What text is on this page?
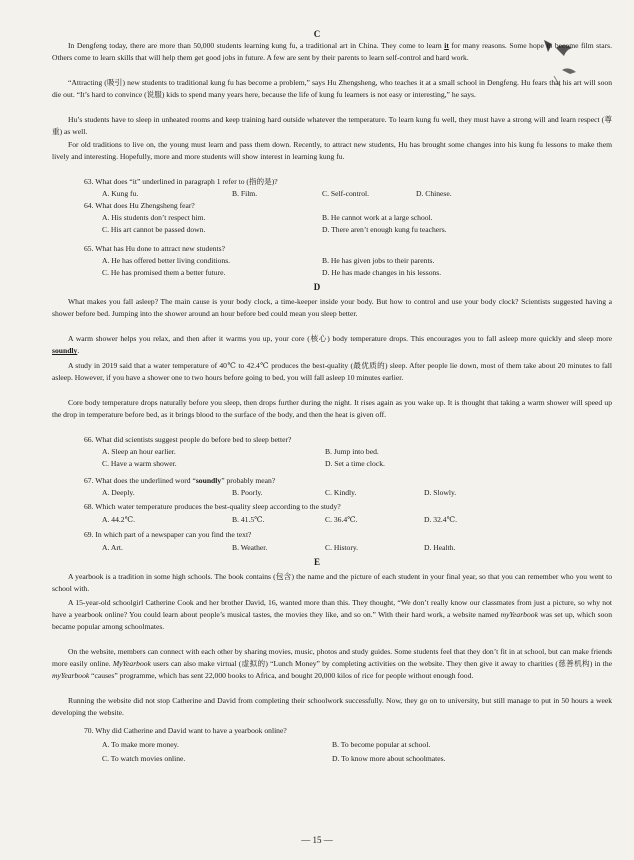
C

In Dengfeng today, there are more than 50,000 students learning kung fu, a traditional art in China. They come to learn it for many reasons. Some hope to become film stars. Others come to learn skills that will help them get good jobs in future. A few are sent by their parents to learn self-control and hard work.

“Attracting (吸引) new students to traditional kung fu has become a problem,” says Hu Zhengsheng, who teaches it at a small school in Dengfeng. Hu fears that his art will soon die out. “It’s hard to convince (说服) kids to spend many years here, because the life of kung fu learners is not easy or interesting,” he says.

Hu’s students have to sleep in unheated rooms and keep training hard outside whatever the temperature. To learn kung fu well, they must have a strong will and learn respect (尊重) as well.

For old traditions to live on, the young must learn and pass them down. Recently, to attract new students, Hu has brought some changes into his kung fu lessons to make them lively and interesting. Hopefully, more and more students will show interest in learning kung fu.

63. What does “it” underlined in paragraph 1 refer to (指的是)?
A. Kung fu.	B. Film.	C. Self-control.	D. Chinese.
64. What does Hu Zhengsheng fear?
A. His students don’t respect him.	B. He cannot work at a large school.
C. His art cannot be passed down.	D. There aren’t enough kung fu teachers.
65. What has Hu done to attract new students?
A. He has offered better living conditions.	B. He has given jobs to their parents.
C. He has promised them a better future.	D. He has made changes in his lessons.
D

What makes you fall asleep? The main cause is your body clock, a time-keeper inside your body. But how to control and use your body clock? Scientists suggested having a shower before bed. Jumping into the shower around an hour before bed could mean you sleep better.

A warm shower helps you relax, and then after it warms you up, your core (核心) body temperature drops. This encourages you to fall asleep more quickly and sleep more soundly.

A study in 2019 said that a water temperature of 40℃ to 42.4℃ produces the best-quality (最优质的) sleep. After people lie down, most of them take about 20 minutes to fall asleep. However, if you have a shower one to two hours before going to bed, you will fall asleep 10 minutes earlier.

Core body temperature drops naturally before you sleep, then drops further during the night. It rises again as you wake up. It is thought that taking a warm shower will speed up the drop in temperature before bed, as it brings blood to the surface of the body, and then the heat is given off.

66. What did scientists suggest people do before bed to sleep better?
A. Sleep an hour earlier.	B. Jump into bed.
C. Have a warm shower.	D. Set a time clock.
67. What does the underlined word “soundly” probably mean?
A. Deeply.	B. Poorly.	C. Kindly.	D. Slowly.
68. Which water temperature produces the best-quality sleep according to the study?
A. 44.2℃.	B. 41.5℃.	C. 36.4℃.	D. 32.4℃.
69. In which part of a newspaper can you find the text?
A. Art.	B. Weather.	C. History.	D. Health.
E

A yearbook is a tradition in some high schools. The book contains (包含) the name and the picture of each student in your final year, so that you can remember who you went to school with.

A 15-year-old schoolgirl Catherine Cook and her brother David, 16, wanted more than this. They thought, “We don’t really know our classmates from just a picture, so why not have a yearbook online? You could learn about people’s musical tastes, the movies they like, and so on.” With their hard work, a website named myYearbook was set up, which soon became popular among schoolmates.

On the website, members can connect with each other by sharing movies, music, photos and study guides. Some students feel that they don’t fit in at school, but can make friends more easily online. MyYearbook users can also make virtual (虚拟的) “Lunch Money” by completing activities on the website. They then give it away to charities (慈善机构) in the myYearbook “causes” programme, which has sent 22,000 books to Africa, and bought 20,000 kilos of rice for people without enough food.

Running the website did not stop Catherine and David from completing their schoolwork successfully. Now, they go on to university, but still manage to put in 50 hours a week developing the website.

70. Why did Catherine and David want to have a yearbook online?
A. To make more money.	B. To become popular at school.
C. To watch movies online.	D. To know more about schoolmates.
— 15 —
